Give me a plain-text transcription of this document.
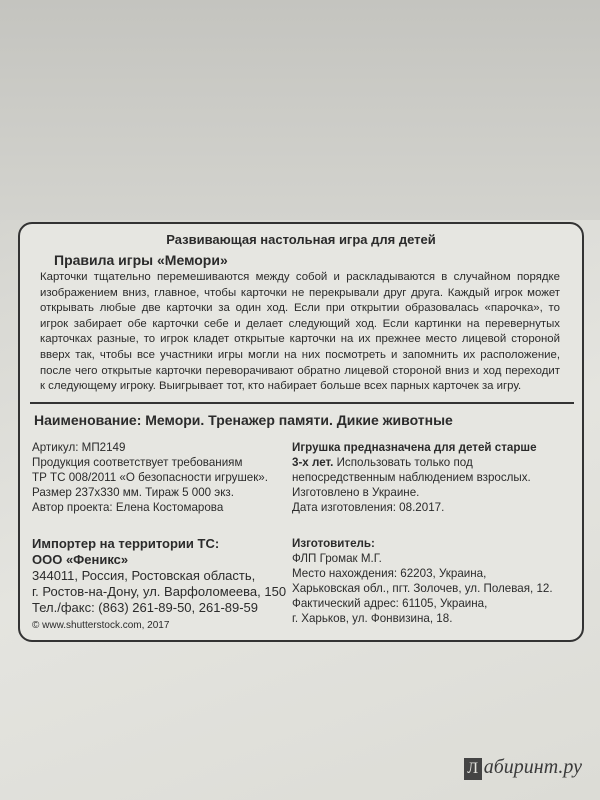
Развивающая настольная игра для детей
Правила игры «Мемори»
Карточки тщательно перемешиваются между собой и раскладываются в случайном порядке изображением вниз, главное, чтобы карточки не перекрывали друг друга. Каждый игрок может открывать любые две карточки за один ход. Если при открытии образовалась «парочка», то игрок забирает обе карточки себе и делает следующий ход. Если картинки на перевернутых карточках разные, то игрок кладет открытые карточки на их прежнее место лицевой стороной вверх так, чтобы все участники игры могли на них посмотреть и запомнить их расположение, после чего открытые карточки переворачивают обратно лицевой стороной вниз и ход переходит к следующему игроку. Выигрывает тот, кто набирает больше всех парных карточек за игру.
Наименование: Мемори. Тренажер памяти. Дикие животные
Артикул: МП2149
Продукция соответствует требованиям
ТР ТС 008/2011 «О безопасности игрушек».
Размер 237х330 мм. Тираж 5 000 экз.
Автор проекта: Елена Костомарова
Игрушка предназначена для детей старше
3-х лет. Использовать только под
непосредственным наблюдением взрослых.
Изготовлено в Украине.
Дата изготовления: 08.2017.
Импортер на территории ТС:
ООО «Феникс»
344011, Россия, Ростовская область,
г. Ростов-на-Дону, ул. Варфоломеева, 150
Тел./факс: (863) 261-89-50, 261-89-59
Изготовитель:
ФЛП Громак М.Г.
Место нахождения: 62203, Украина,
Харьковская обл., пгт. Золочев, ул. Полевая, 12.
Фактический адрес: 61105, Украина,
г. Харьков, ул. Фонвизина, 18.
© www.shutterstock.com, 2017
Л абиринт.ру
